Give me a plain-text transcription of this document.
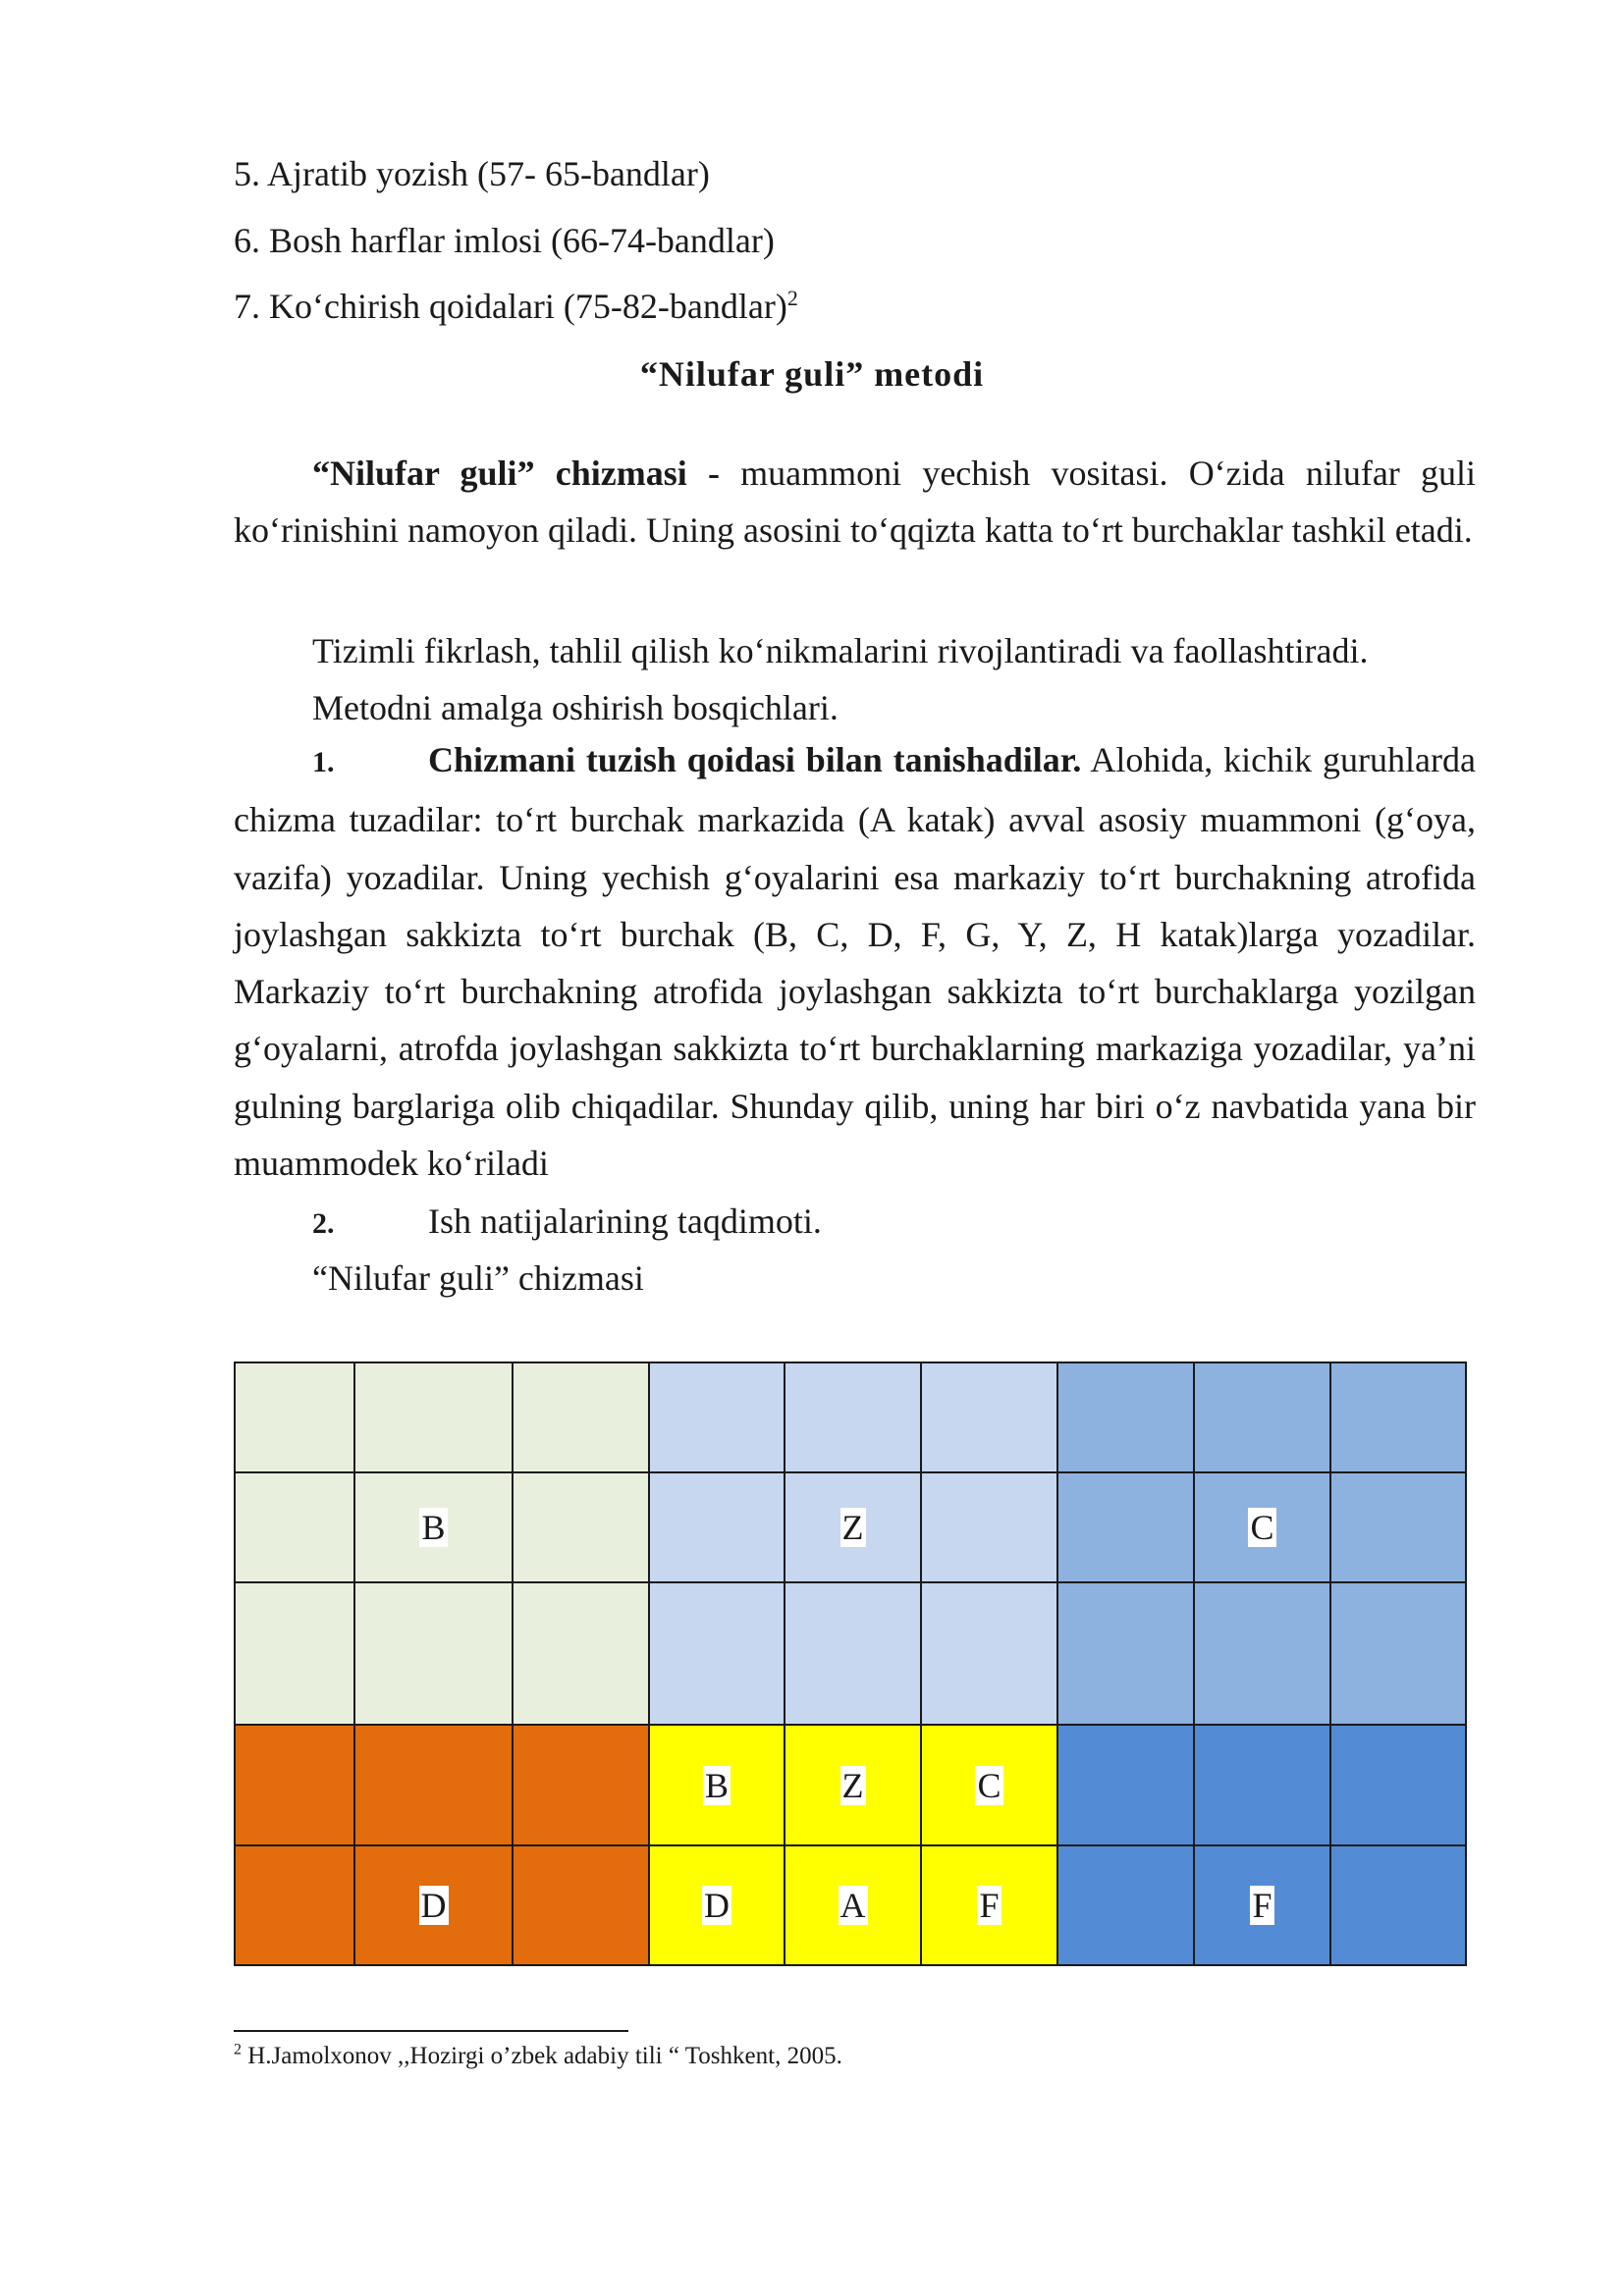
5. Ajratib yozish (57- 65-bandlar)
6. Bosh harflar imlosi (66-74-bandlar)
7. Ko‘chirish qoidalari (75-82-bandlar)$^2$
“Nilufar guli” metodi
“Nilufar guli” chizmasi - muammoni yechish vositasi. O‘zida nilufar guli ko‘rinishini namoyon qiladi. Uning asosini to‘qqizta katta to‘rt burchaklar tashkil etadi.
Tizimli fikrlash, tahlil qilish ko‘nikmalarini rivojlantiradi va faollashtiradi.
Metodni amalga oshirish bosqichlari.
1.	Chizmani tuzish qoidasi bilan tanishadilar. Alohida, kichik guruhlarda chizma tuzadilar: to‘rt burchak markazida (A katak) avval asosiy muammoni (g‘oya, vazifa) yozadilar. Uning yechish g‘oyalarini esa markaziy to‘rt burchakning atrofida joylashgan sakkizta to‘rt burchak (B, C, D, F, G, Y, Z, H katak)larga yozadilar. Markaziy to‘rt burchakning atrofida joylashgan sakkizta to‘rt burchaklarga yozilgan g‘oyalarni, atrofda joylashgan sakkizta to‘rt burchaklarning markaziga yozadilar, ya’ni gulning barglariga olib chiqadilar. Shunday qilib, uning har biri o‘z navbatida yana bir muammodek ko‘riladi
2.	Ish natijalarining taqdimoti.
“Nilufar guli” chizmasi

	B			Z			C	

			B	Z	C			
	D		D	A	F		F	
$^2$ H.Jamolxonov ,,Hozirgi o’zbek adabiy tili “ Toshkent, 2005.
